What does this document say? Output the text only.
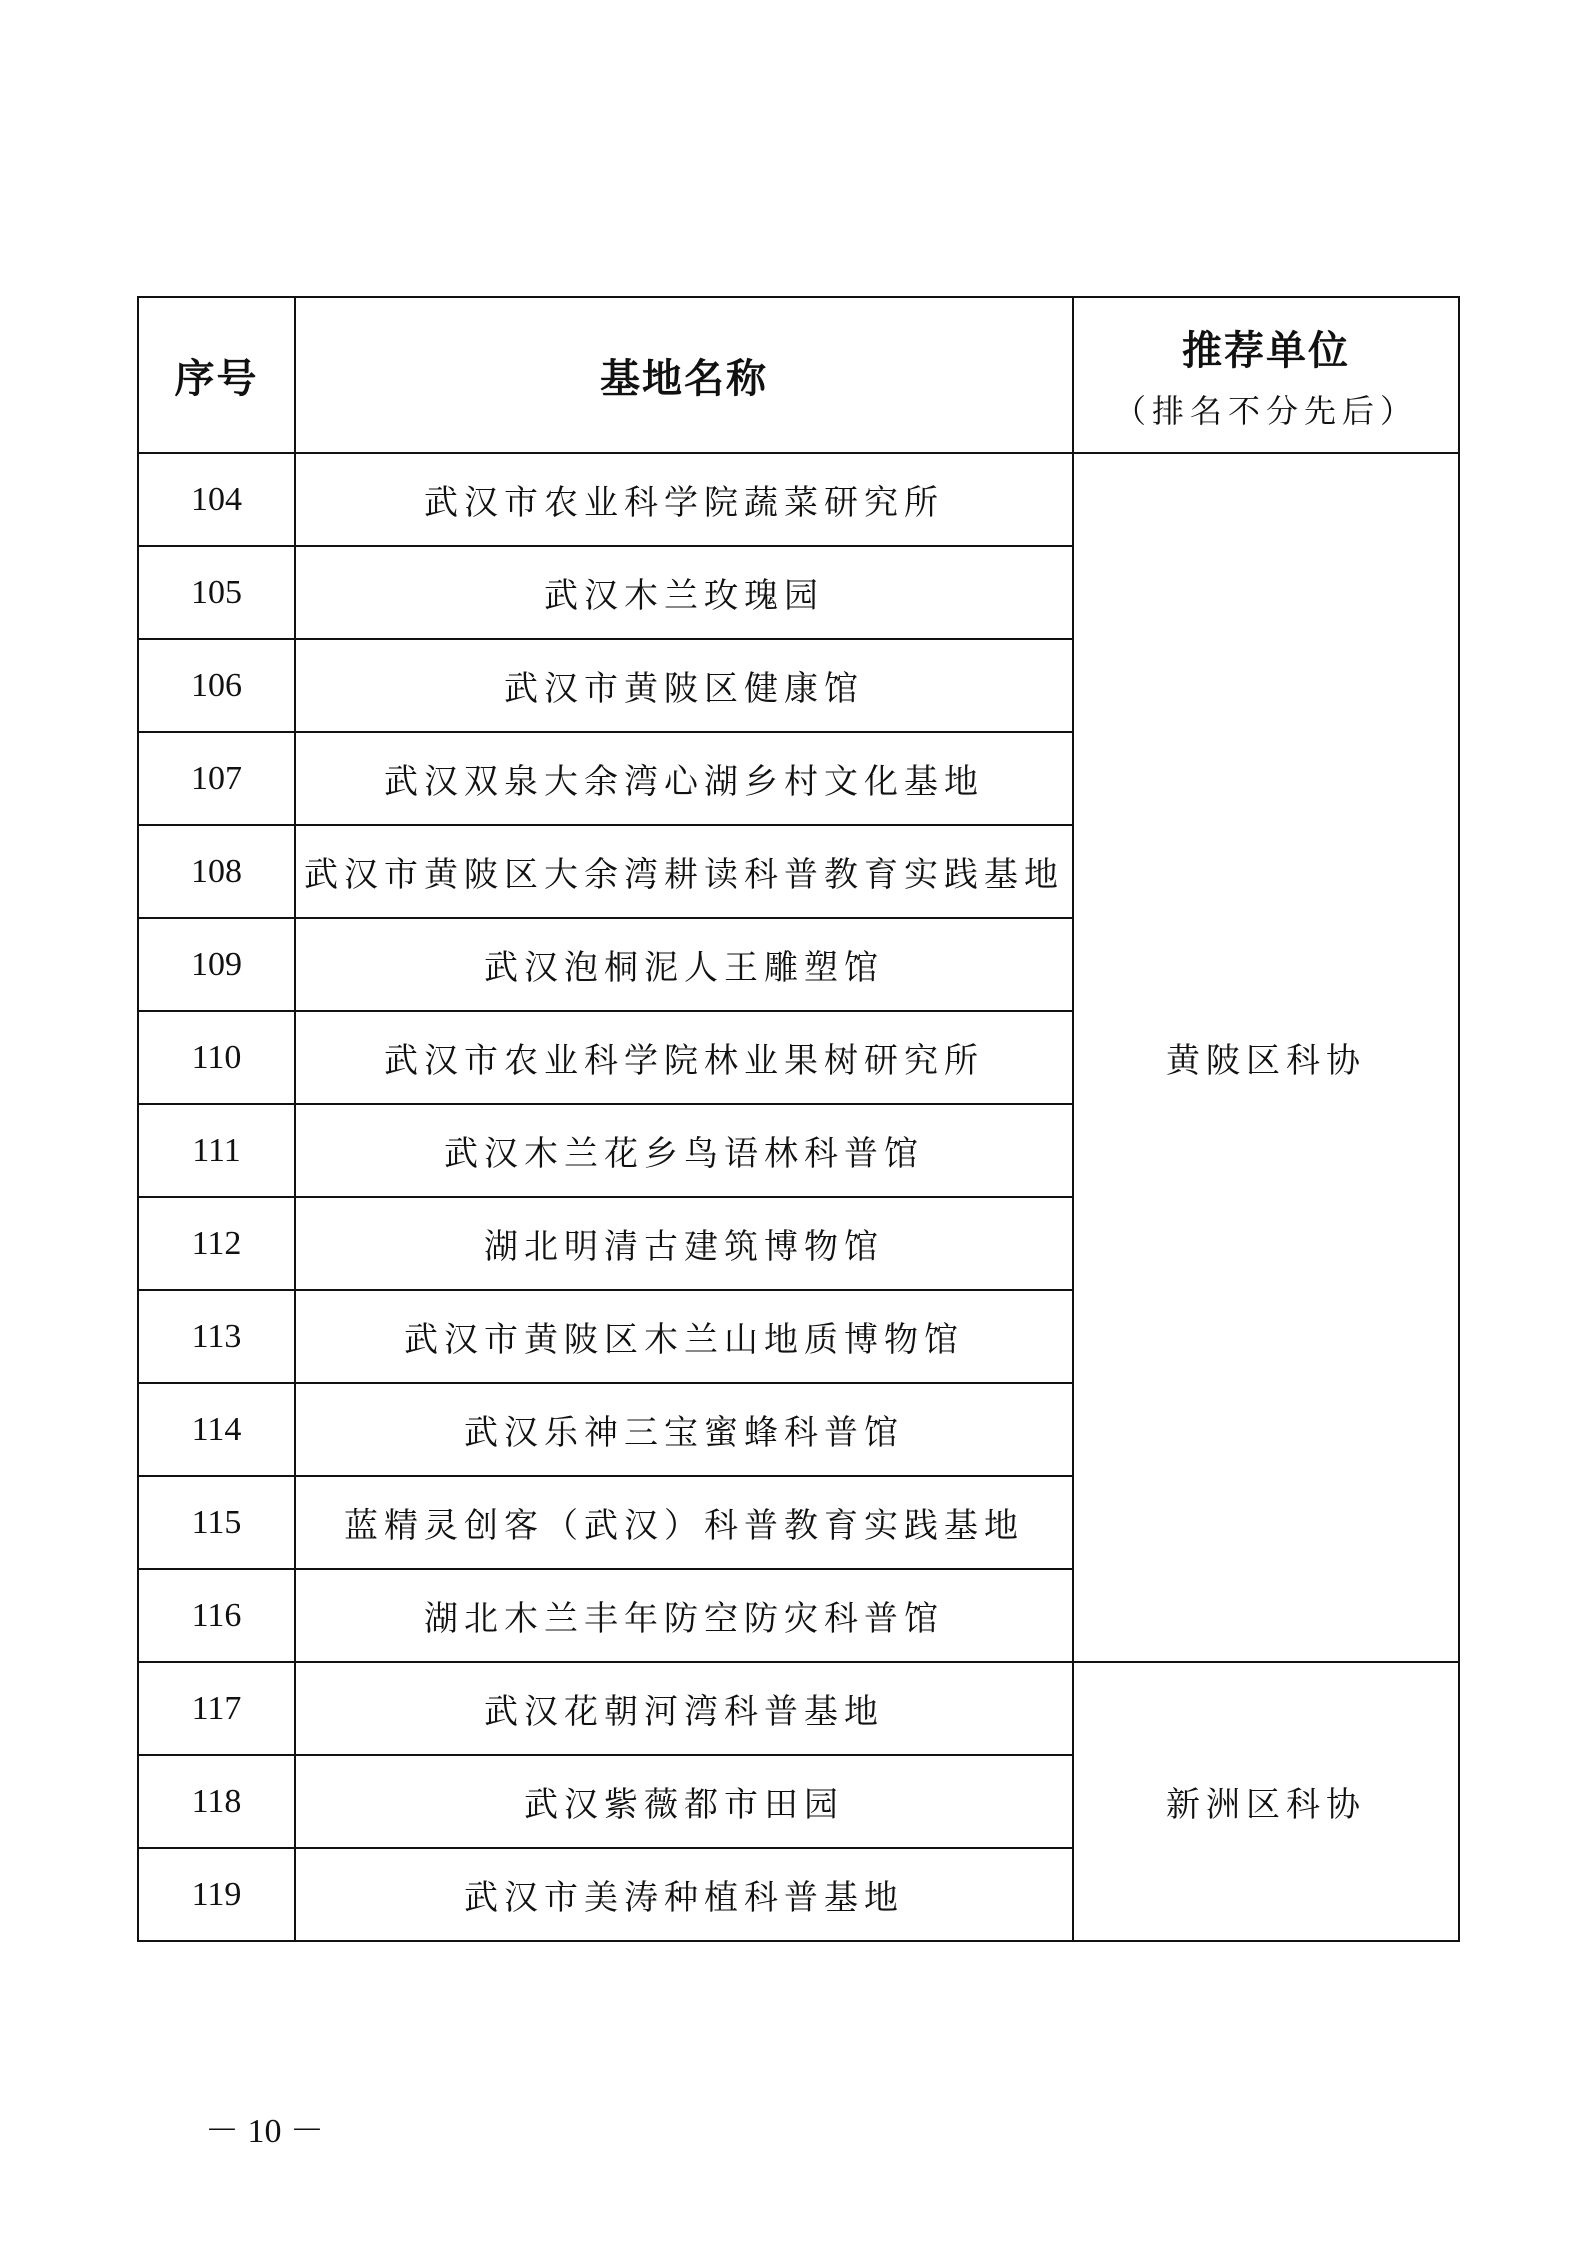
序号	基地名称	推荐单位
（排名不分先后）

104	武汉市农业科学院蔬菜研究所	黄陂区科协
105	武汉木兰玫瑰园	
106	武汉市黄陂区健康馆	
107	武汉双泉大余湾心湖乡村文化基地	
108	武汉市黄陂区大余湾耕读科普教育实践基地	
109	武汉泡桐泥人王雕塑馆	
110	武汉市农业科学院林业果树研究所	
111	武汉木兰花乡鸟语林科普馆	
112	湖北明清古建筑博物馆	
113	武汉市黄陂区木兰山地质博物馆	
114	武汉乐神三宝蜜蜂科普馆	
115	蓝精灵创客（武汉）科普教育实践基地	
116	湖北木兰丰年防空防灾科普馆	
117	武汉花朝河湾科普基地	新洲区科协
118	武汉紫薇都市田园	
119	武汉市美涛种植科普基地	
－ 10 －
